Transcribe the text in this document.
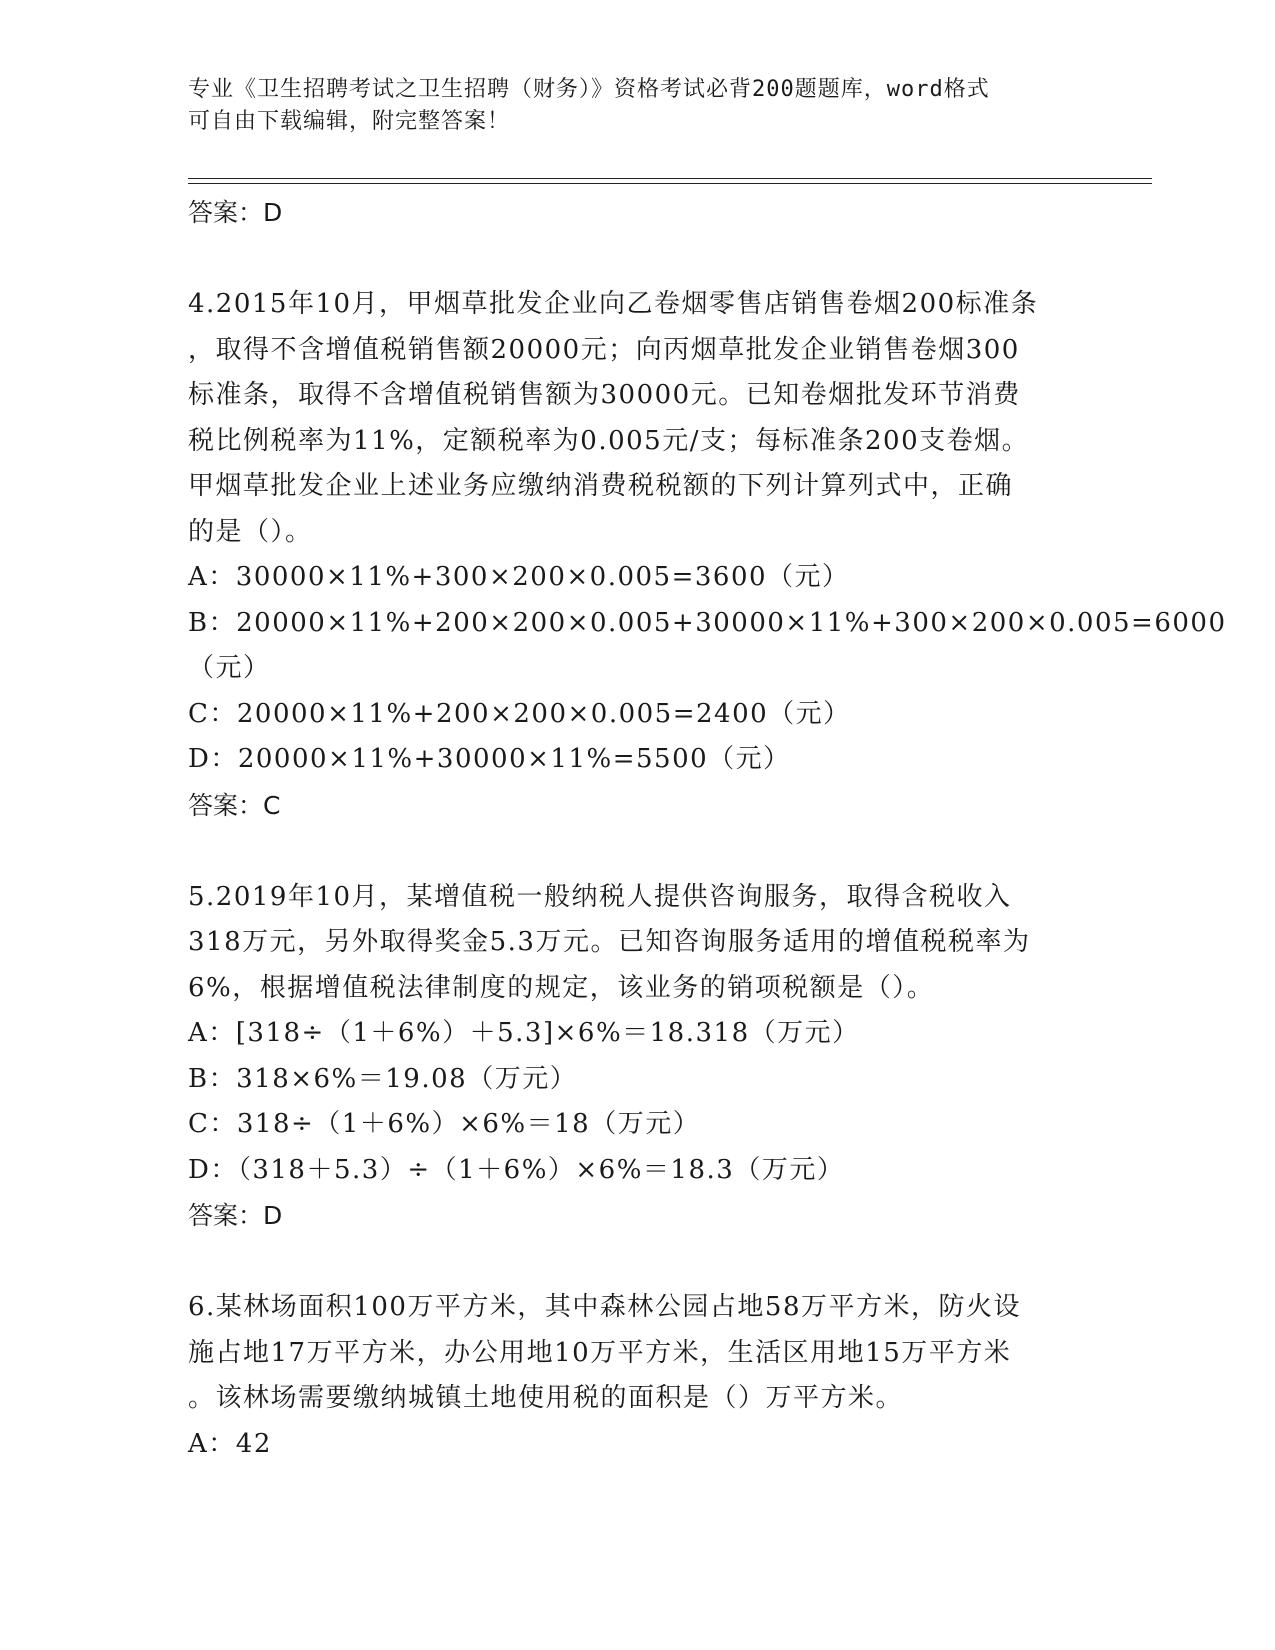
专业《卫生招聘考试之卫生招聘（财务）》资格考试必背200题题库，word格式
可自由下载编辑，附完整答案！
答案：D
4.2015年10月，甲烟草批发企业向乙卷烟零售店销售卷烟200标准条
，取得不含增值税销售额20000元；向丙烟草批发企业销售卷烟300
标准条，取得不含增值税销售额为30000元。已知卷烟批发环节消费
税比例税率为11%，定额税率为0.005元/支；每标准条200支卷烟。
甲烟草批发企业上述业务应缴纳消费税税额的下列计算列式中，正确
的是（）。
A：30000×11%+300×200×0.005=3600（元）
B：20000×11%+200×200×0.005+30000×11%+300×200×0.005=6000
（元）
C：20000×11%+200×200×0.005=2400（元）
D：20000×11%+30000×11%=5500（元）
答案：C
5.2019年10月，某增值税一般纳税人提供咨询服务，取得含税收入
318万元，另外取得奖金5.3万元。已知咨询服务适用的增值税税率为
6%，根据增值税法律制度的规定，该业务的销项税额是（）。
A：[318÷（1＋6%）＋5.3]×6%＝18.318（万元）
B：318×6%＝19.08（万元）
C：318÷（1＋6%）×6%＝18（万元）
D：（318＋5.3）÷（1＋6%）×6%＝18.3（万元）
答案：D
6.某林场面积100万平方米，其中森林公园占地58万平方米，防火设
施占地17万平方米，办公用地10万平方米，生活区用地15万平方米
。该林场需要缴纳城镇土地使用税的面积是（）万平方米。
A：42
